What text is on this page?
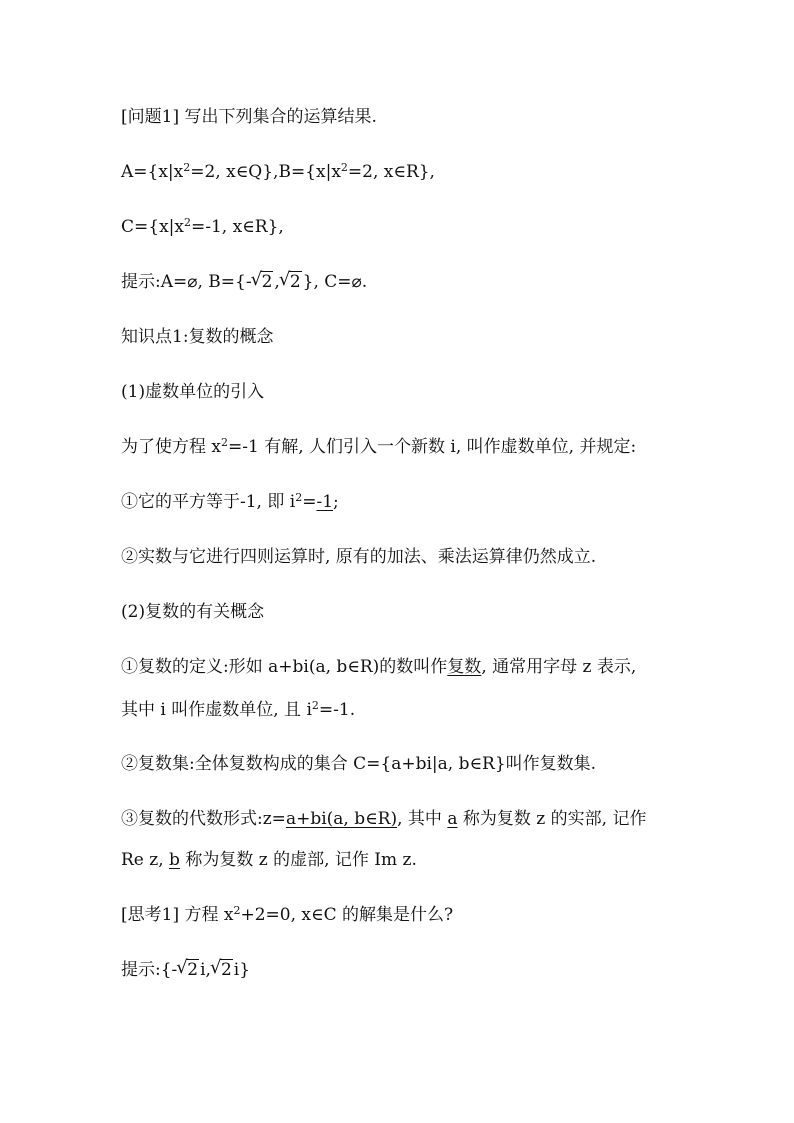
[问题1] 写出下列集合的运算结果.
$A=\{x|x^2=2$, $x\in Q\},B=\{x|x^2=2$, x∈R},
$C=\{x|x^2=-1$, x∈R},
提示:A=⌀, B={- √ 2 , √ 2 }, C=⌀.
知识点1:复数的概念
(1)虚数单位的引入
为了使方程 $x^2=-1$ 有解, 人们引入一个新数 i, 叫作虚数单位, 并规定:
①它的平方等于-1, 即 $i^2=-1$;
②实数与它进行四则运算时, 原有的加法、乘法运算律仍然成立.
(2)复数的有关概念
①复数的定义:形如 a+bi(a, b∈R)的数叫作复数, 通常用字母 z 表示,
其中 i 叫作虚数单位, 且 $i^2=-1$.
②复数集:全体复数构成的集合 C={a+bi|a, b∈R}叫作复数集.
③复数的代数形式:z=a+bi(a, b∈R), 其中 a 称为复数 z 的实部, 记作
Re z, b 称为复数 z 的虚部, 记作 Im z.
[思考1] 方程 $x^2+2=0$, x∈C 的解集是什么?
提示:{- √ 2 i, √ 2 i}
